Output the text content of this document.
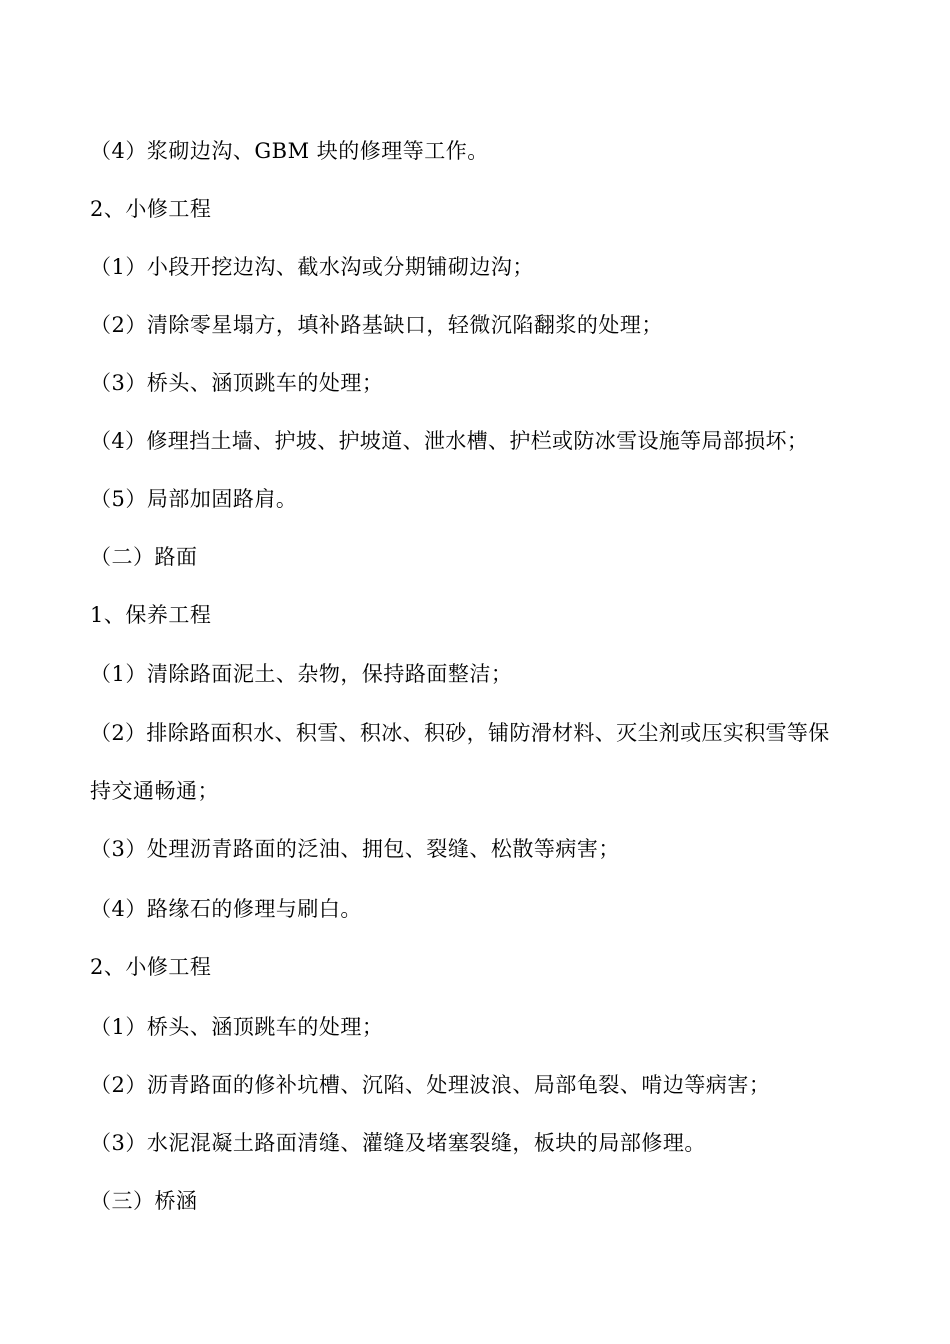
（4）浆砌边沟、GBM 块的修理等工作。
2、小修工程
（1）小段开挖边沟、截水沟或分期铺砌边沟；
（2）清除零星塌方，填补路基缺口，轻微沉陷翻浆的处理；
（3）桥头、涵顶跳车的处理；
（4）修理挡土墙、护坡、护坡道、泄水槽、护栏或防冰雪设施等局部损坏；
（5）局部加固路肩。
（二）路面
1、保养工程
（1）清除路面泥土、杂物，保持路面整洁；
（2）排除路面积水、积雪、积冰、积砂，铺防滑材料、灭尘剂或压实积雪等保
持交通畅通；
（3）处理沥青路面的泛油、拥包、裂缝、松散等病害；
（4）路缘石的修理与刷白。
2、小修工程
（1）桥头、涵顶跳车的处理；
（2）沥青路面的修补坑槽、沉陷、处理波浪、局部龟裂、啃边等病害；
（3）水泥混凝土路面清缝、灌缝及堵塞裂缝，板块的局部修理。
（三）桥涵
